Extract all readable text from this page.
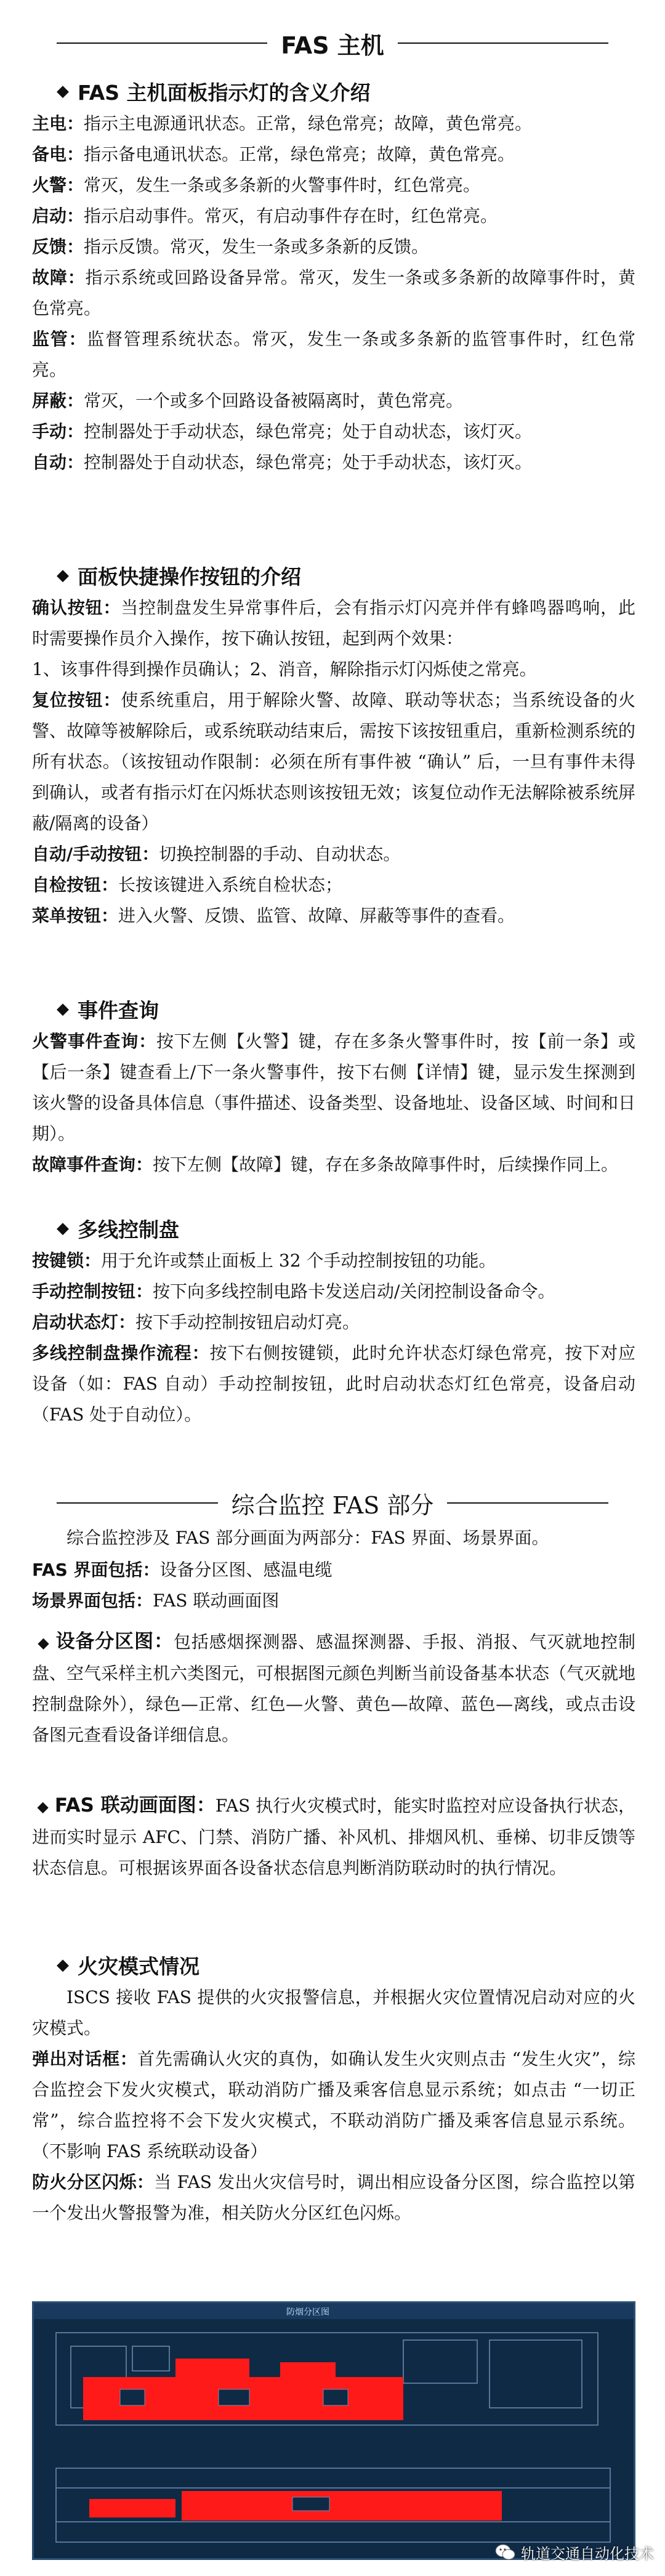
FAS 主机
◆ FAS 主机面板指示灯的含义介绍
主电：指示主电源通讯状态。正常，绿色常亮；故障，黄色常亮。
备电：指示备电通讯状态。正常，绿色常亮；故障，黄色常亮。
火警：常灭，发生一条或多条新的火警事件时，红色常亮。
启动：指示启动事件。常灭，有启动事件存在时，红色常亮。
反馈：指示反馈。常灭，发生一条或多条新的反馈。
故障：指示系统或回路设备异常。常灭，发生一条或多条新的故障事件时，黄色常亮。
监管：监督管理系统状态。常灭，发生一条或多条新的监管事件时，红色常亮。
屏蔽：常灭，一个或多个回路设备被隔离时，黄色常亮。
手动：控制器处于手动状态，绿色常亮；处于自动状态，该灯灭。
自动：控制器处于自动状态，绿色常亮；处于手动状态，该灯灭。
◆ 面板快捷操作按钮的介绍
确认按钮：当控制盘发生异常事件后，会有指示灯闪亮并伴有蜂鸣器鸣响，此时需要操作员介入操作，按下确认按钮，起到两个效果：
1、该事件得到操作员确认；2、消音，解除指示灯闪烁使之常亮。
复位按钮：使系统重启，用于解除火警、故障、联动等状态；当系统设备的火警、故障等被解除后，或系统联动结束后，需按下该按钮重启，重新检测系统的所有状态。（该按钮动作限制：必须在所有事件被 “确认” 后，一旦有事件未得到确认，或者有指示灯在闪烁状态则该按钮无效；该复位动作无法解除被系统屏蔽/隔离的设备）
自动/手动按钮：切换控制器的手动、自动状态。
自检按钮：长按该键进入系统自检状态；
菜单按钮：进入火警、反馈、监管、故障、屏蔽等事件的查看。
◆ 事件查询
火警事件查询：按下左侧【火警】键，存在多条火警事件时，按【前一条】或【后一条】键查看上/下一条火警事件，按下右侧【详情】键，显示发生探测到该火警的设备具体信息（事件描述、设备类型、设备地址、设备区域、时间和日期）。
故障事件查询：按下左侧【故障】键，存在多条故障事件时，后续操作同上。
◆ 多线控制盘
按键锁：用于允许或禁止面板上 32 个手动控制按钮的功能。
手动控制按钮：按下向多线控制电路卡发送启动/关闭控制设备命令。
启动状态灯：按下手动控制按钮启动灯亮。
多线控制盘操作流程：按下右侧按键锁，此时允许状态灯绿色常亮，按下对应设备（如：FAS 自动）手动控制按钮，此时启动状态灯红色常亮，设备启动（FAS 处于自动位）。
综合监控 FAS 部分
综合监控涉及 FAS 部分画面为两部分：FAS 界面、场景界面。
FAS 界面包括：设备分区图、感温电缆
场景界面包括：FAS 联动画面图
◆ 设备分区图：包括感烟探测器、感温探测器、手报、消报、气灭就地控制盘、空气采样主机六类图元，可根据图元颜色判断当前设备基本状态（气灭就地控制盘除外），绿色—正常、红色—火警、黄色—故障、蓝色—离线，或点击设备图元查看设备详细信息。
◆ FAS 联动画面图：FAS 执行火灾模式时，能实时监控对应设备执行状态，进而实时显示 AFC、门禁、消防广播、补风机、排烟风机、垂梯、切非反馈等状态信息。可根据该界面各设备状态信息判断消防联动时的执行情况。
◆ 火灾模式情况
ISCS 接收 FAS 提供的火灾报警信息，并根据火灾位置情况启动对应的火灾模式。
弹出对话框：首先需确认火灾的真伪，如确认发生火灾则点击 “发生火灾”，综合监控会下发火灾模式，联动消防广播及乘客信息显示系统；如点击 “一切正常”，综合监控将不会下发火灾模式，不联动消防广播及乘客信息显示系统。（不影响 FAS 系统联动设备）
防火分区闪烁：当 FAS 发出火灾信号时，调出相应设备分区图，综合监控以第一个发出火警报警为准，相关防火分区红色闪烁。
防烟分区图
轨道交通自动化技术
